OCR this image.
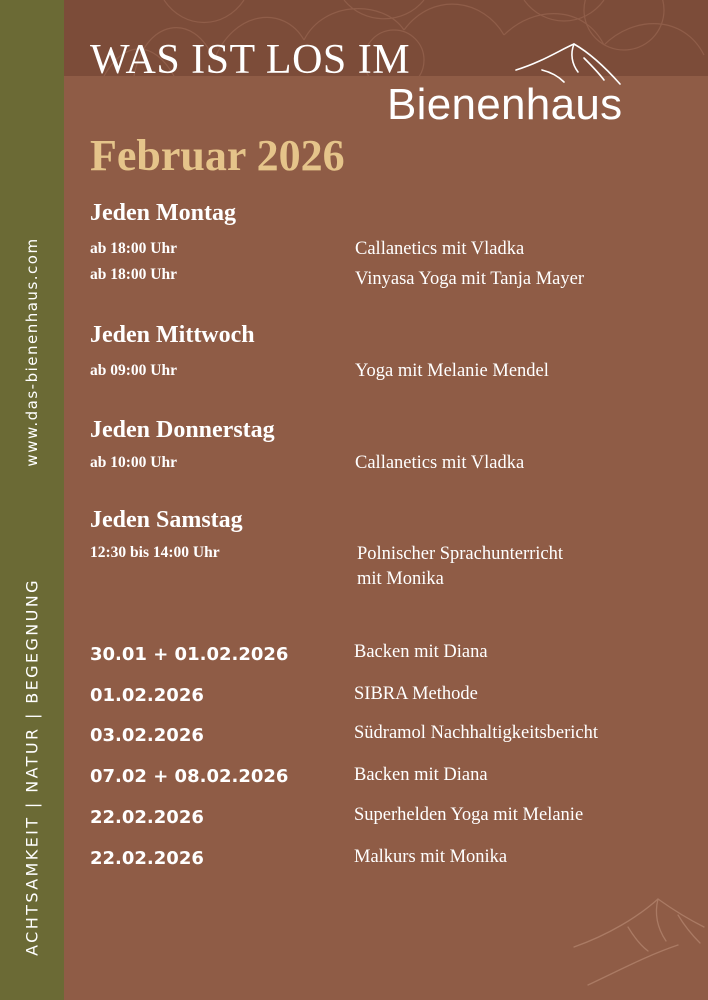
www.das-bienenhaus.com
ACHTSAMKEIT | NATUR | BEGEGNUNG
WAS IST LOS IM
Bienenhaus
Februar 2026
Jeden Montag
ab 18:00 Uhr	Callanetics mit Vladka
ab 18:00 Uhr	Vinyasa Yoga mit Tanja Mayer
Jeden Mittwoch
ab 09:00 Uhr	Yoga mit Melanie Mendel
Jeden Donnerstag
ab 10:00 Uhr	Callanetics mit Vladka
Jeden Samstag
12:30 bis 14:00 Uhr	Polnischer Sprachunterricht
mit Monika
30.01 + 01.02.2026	Backen mit Diana
01.02.2026	SIBRA Methode
03.02.2026	Südramol Nachhaltigkeitsbericht
07.02 + 08.02.2026	Backen mit Diana
22.02.2026	Superhelden Yoga mit Melanie
22.02.2026	Malkurs mit Monika
